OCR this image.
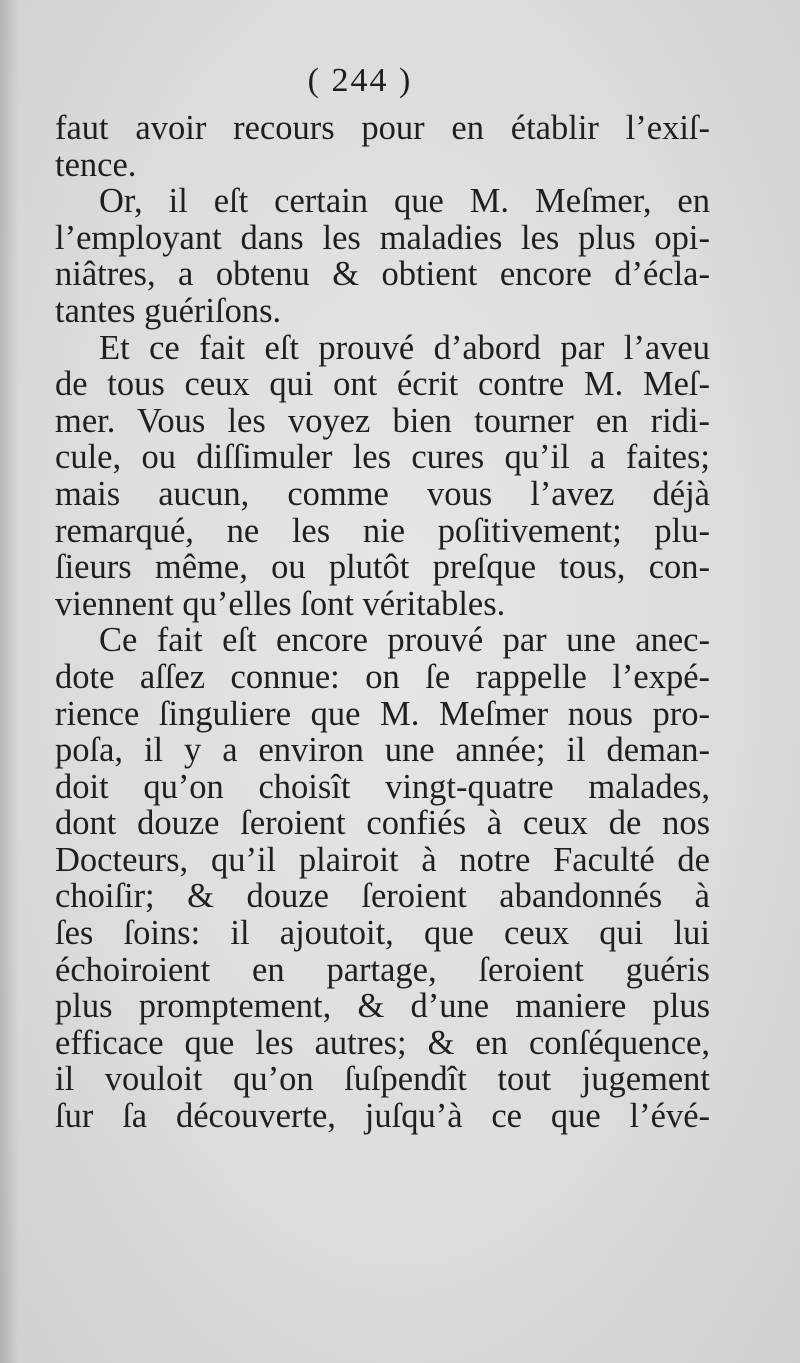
( 244 )
faut avoir recours pour en établir l’exiſ-
tence.
Or, il eſt certain que M. Meſmer, en
l’employant dans les maladies les plus opi-
niâtres, a obtenu & obtient encore d’écla-
tantes guériſons.
Et ce fait eſt prouvé d’abord par l’aveu
de tous ceux qui ont écrit contre M. Meſ-
mer. Vous les voyez bien tourner en ridi-
cule, ou diſſimuler les cures qu’il a faites;
mais aucun, comme vous l’avez déjà
remarqué, ne les nie poſitivement; plu-
ſieurs même, ou plutôt preſque tous, con-
viennent qu’elles ſont véritables.
Ce fait eſt encore prouvé par une anec-
dote aſſez connue: on ſe rappelle l’expé-
rience ſinguliere que M. Meſmer nous pro-
poſa, il y a environ une année; il deman-
doit qu’on choisît vingt-quatre malades,
dont douze ſeroient confiés à ceux de nos
Docteurs, qu’il plairoit à notre Faculté de
choiſir; & douze ſeroient abandonnés à
ſes ſoins: il ajoutoit, que ceux qui lui
échoiroient en partage, ſeroient guéris
plus promptement, & d’une maniere plus
efficace que les autres; & en conſéquence,
il vouloit qu’on ſuſpendît tout jugement
ſur ſa découverte, juſqu’à ce que l’évé-
